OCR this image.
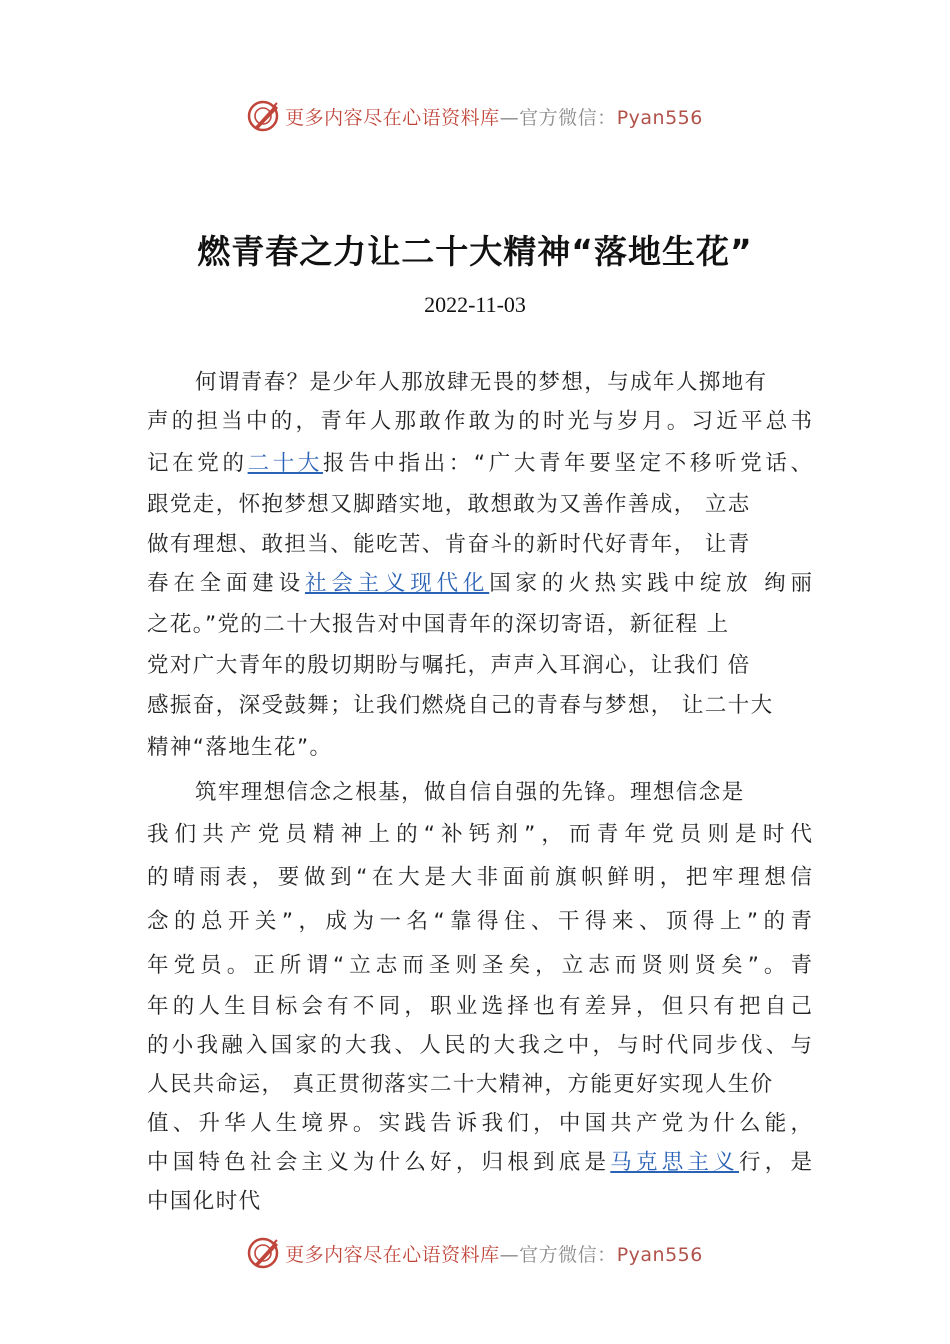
更多内容尽在心语资料库—官方微信：Pyan556
燃青春之力让二十大精神“落地生花”
2022-11-03
何谓青春？是少年人那放肆无畏的梦想，与成年人掷地有
声的担当中的，青年人那敢作敢为的时光与岁月。习近平总书
记在党的二十大报告中指出：“广大青年要坚定不移听党话、
跟党走，怀抱梦想又脚踏实地，敢想敢为又善作善成， 立志
做有理想、敢担当、能吃苦、肯奋斗的新时代好青年， 让青
春在全面建设社会主义现代化国家的火热实践中绽放 绚丽
之花。”党的二十大报告对中国青年的深切寄语，新征程 上
党对广大青年的殷切期盼与嘱托，声声入耳润心，让我们 倍
感振奋，深受鼓舞；让我们燃烧自己的青春与梦想， 让二十大
精神“落地生花”。
筑牢理想信念之根基，做自信自强的先锋。理想信念是
我们共产党员精神上的“补钙剂”，而青年党员则是时代
的晴雨表，要做到“在大是大非面前旗帜鲜明，把牢理想信
念的总开关”，成为一名“靠得住、干得来、顶得上”的青
年党员。正所谓“立志而圣则圣矣，立志而贤则贤矣”。青
年的人生目标会有不同，职业选择也有差异，但只有把自己
的小我融入国家的大我、人民的大我之中，与时代同步伐、与
人民共命运， 真正贯彻落实二十大精神，方能更好实现人生价
值、升华人生境界。实践告诉我们，中国共产党为什么能，
中国特色社会主义为什么好，归根到底是马克思主义行，是
中国化时代
更多内容尽在心语资料库—官方微信：Pyan556
